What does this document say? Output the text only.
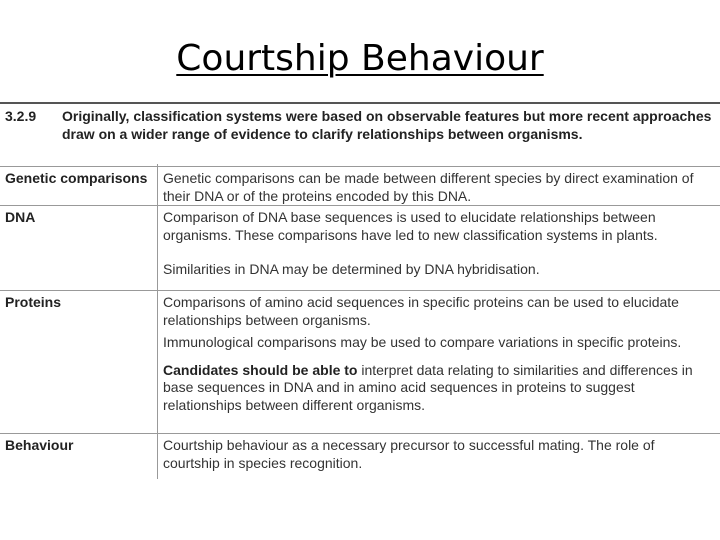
Courtship Behaviour
3.2.9 Originally, classification systems were based on observable features but more recent approaches draw on a wider range of evidence to clarify relationships between organisms.
Genetic comparisons	Genetic comparisons can be made between different species by direct examination of their DNA or of the proteins encoded by this DNA.

DNA	Comparison of DNA base sequences is used to elucidate relationships between organisms. These comparisons have led to new classification systems in plants.

Similarities in DNA may be determined by DNA hybridisation.

Proteins	Comparisons of amino acid sequences in specific proteins can be used to elucidate relationships between organisms.

Immunological comparisons may be used to compare variations in specific proteins.

Candidates should be able to interpret data relating to similarities and differences in base sequences in DNA and in amino acid sequences in proteins to suggest relationships between different organisms.

Behaviour	Courtship behaviour as a necessary precursor to successful mating. The role of courtship in species recognition.
